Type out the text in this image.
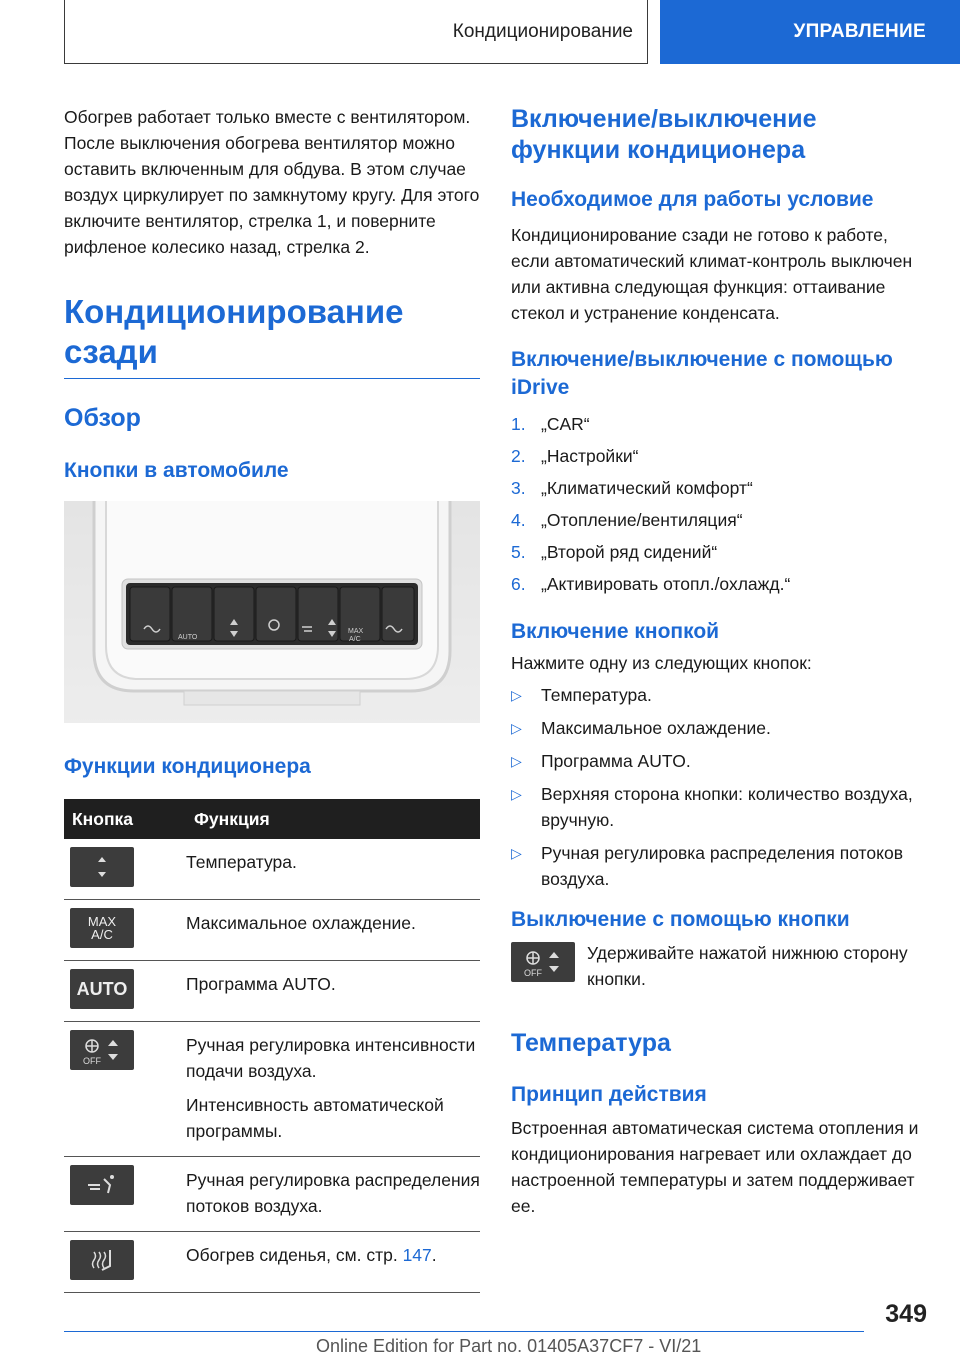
Кондиционирование	УПРАВЛЕНИЕ

Обогрев работает только вместе с вентилятором. После выключения обогрева вентилятор можно оставить включенным для обдува. В этом случае воздух циркулирует по замкнутому кругу. Для этого включите вентилятор, стрелка 1, и поверните рифленое колесико назад, стрелка 2.

Кондиционирование сзади
Обзор
Кнопки в автомобиле
AUTO
MAX
A/C
Функции кондиционера
Кнопка	Функция

	Температура.

MAX
A/C	Максимальное охлаждение.

AUTO	Программа AUTO.

OFF	Ручная регулировка интенсивности подачи воздуха.
Интенсивность автоматической программы.

	Ручная регулировка распределения потоков воздуха.

	Обогрев сиденья, см. стр. 147.
Включение/выключение функции кондиционера
Необходимое для работы условие

Кондиционирование сзади не готово к работе, если автоматический климат-контроль выключен или активна следующая функция: оттаивание стекол и устранение конденсата.

Включение/выключение с помощью iDrive
1. „CAR“
2. „Настройки“
3. „Климатический комфорт“
4. „Отопление/вентиляция“
5. „Второй ряд сидений“
6. „Активировать отопл./охлажд.“
Включение кнопкой

Нажмите одну из следующих кнопок:

▷	Температура.
▷	Максимальное охлаждение.
▷	Программа AUTO.
▷	Верхняя сторона кнопки: количество воздуха, вручную.
▷	Ручная регулировка распределения потоков воздуха.
Выключение с помощью кнопки
OFF

Удерживайте нажатой нижнюю сторону кнопки.

Температура
Принцип действия

Встроенная автоматическая система отопления и кондиционирования нагревает или охлаждает до настроенной температуры и затем поддерживает ее.

349
Online Edition for Part no. 01405A37CF7 - VI/21
